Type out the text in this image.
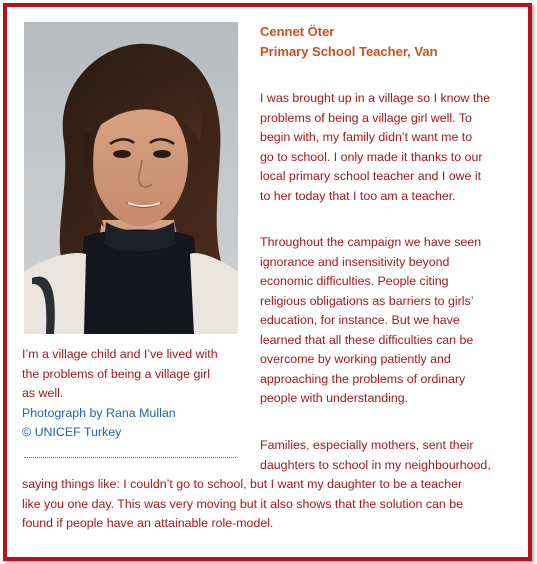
I’m a village child and I’ve lived with
the problems of being a village girl
as well.
Photograph by Rana Mullan
© UNICEF Turkey
Cennet Öter
Primary School Teacher, Van

I was brought up in a village so I know the
problems of being a village girl well. To
begin with, my family didn’t want me to
go to school. I only made it thanks to our
local primary school teacher and I owe it
to her today that I too am a teacher.

Throughout the campaign we have seen
ignorance and insensitivity beyond
economic difficulties. People citing
religious obligations as barriers to girls’
education, for instance. But we have
learned that all these difficulties can be
overcome by working patiently and
approaching the problems of ordinary
people with understanding.

Families, especially mothers, sent their
daughters to school in my neighbourhood,

saying things like: I couldn’t go to school, but I want my daughter to be a teacher
like you one day. This was very moving but it also shows that the solution can be
found if people have an attainable role-model.
